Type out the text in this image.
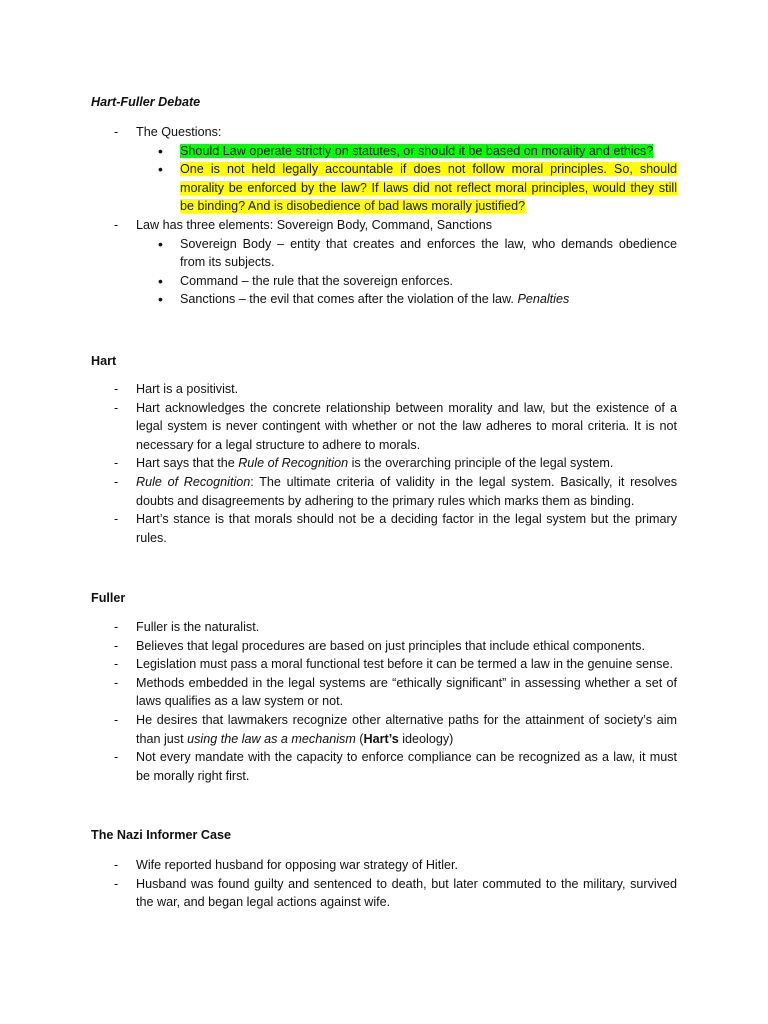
Hart-Fuller Debate

- The Questions:
• Should Law operate strictly on statutes, or should it be based on morality and ethics?
• One is not held legally accountable if does not follow moral principles. So, should morality be enforced by the law? If laws did not reflect moral principles, would they still be binding? And is disobedience of bad laws morally justified?
- Law has three elements: Sovereign Body, Command, Sanctions
• Sovereign Body – entity that creates and enforces the law, who demands obedience from its subjects.
• Command – the rule that the sovereign enforces.
• Sanctions – the evil that comes after the violation of the law. Penalties

Hart

- Hart is a positivist.
- Hart acknowledges the concrete relationship between morality and law, but the existence of a legal system is never contingent with whether or not the law adheres to moral criteria. It is not necessary for a legal structure to adhere to morals.
- Hart says that the Rule of Recognition is the overarching principle of the legal system.
- Rule of Recognition: The ultimate criteria of validity in the legal system. Basically, it resolves doubts and disagreements by adhering to the primary rules which marks them as binding.
- Hart’s stance is that morals should not be a deciding factor in the legal system but the primary rules.

Fuller

- Fuller is the naturalist.
- Believes that legal procedures are based on just principles that include ethical components.
- Legislation must pass a moral functional test before it can be termed a law in the genuine sense.
- Methods embedded in the legal systems are “ethically significant” in assessing whether a set of laws qualifies as a law system or not.
- He desires that lawmakers recognize other alternative paths for the attainment of society’s aim than just using the law as a mechanism (Hart’s ideology)
- Not every mandate with the capacity to enforce compliance can be recognized as a law, it must be morally right first.

The Nazi Informer Case

- Wife reported husband for opposing war strategy of Hitler.
- Husband was found guilty and sentenced to death, but later commuted to the military, survived the war, and began legal actions against wife.
